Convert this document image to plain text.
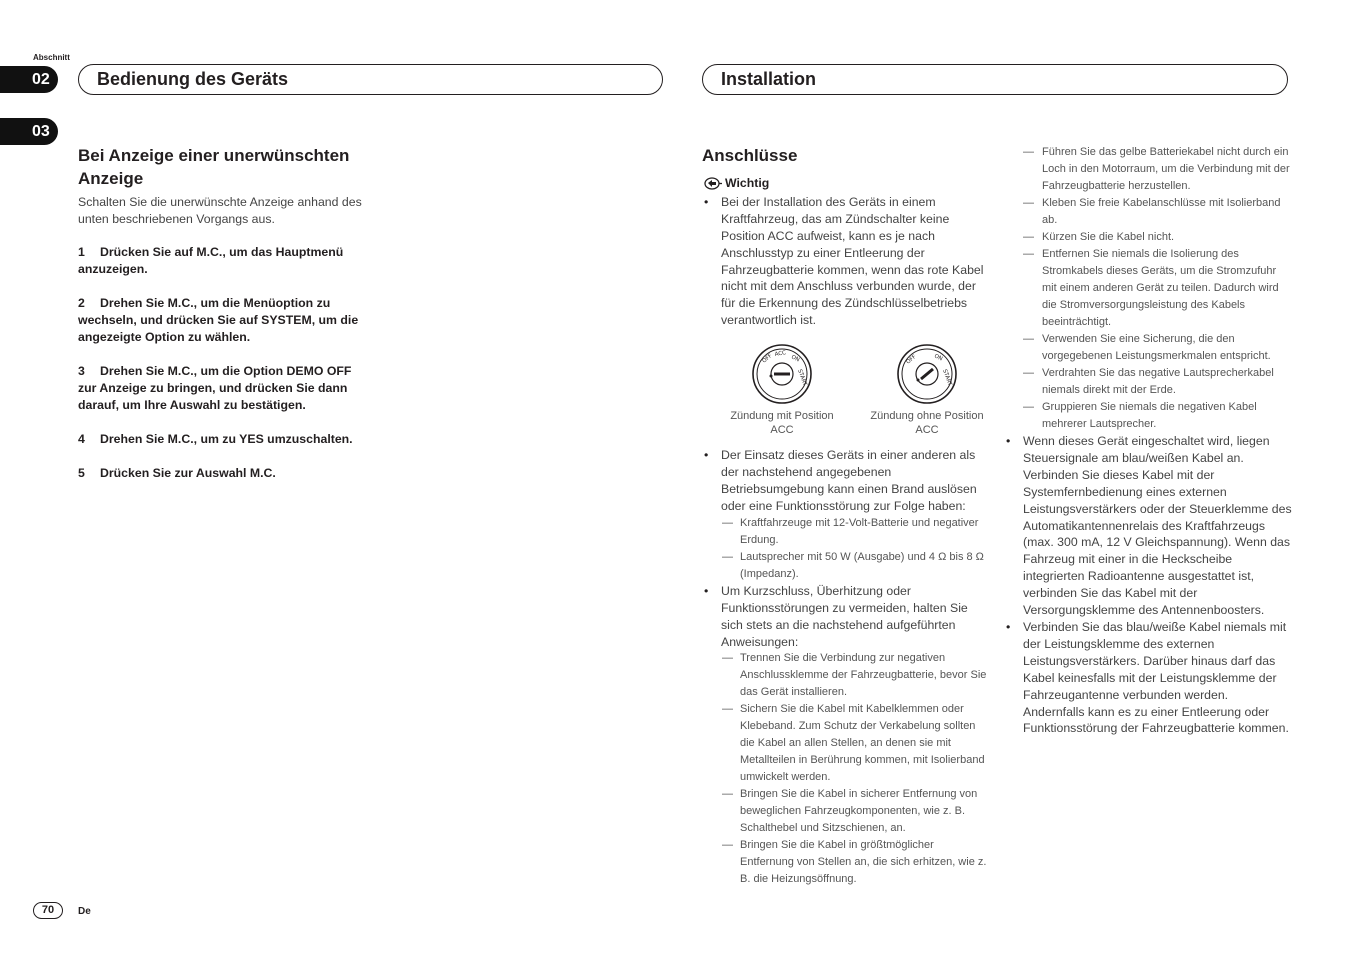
Abschnitt
02
03
Bedienung des Geräts	Installation
Bei Anzeige einer unerwünschten Anzeige

Schalten Sie die unerwünschte Anzeige anhand des unten beschriebenen Vorgangs aus.

1 Drücken Sie auf M.C., um das Hauptmenü anzuzeigen.

2 Drehen Sie M.C., um die Menüoption zu wechseln, und drücken Sie auf SYSTEM, um die angezeigte Option zu wählen.

3 Drehen Sie M.C., um die Option DEMO OFF zur Anzeige zu bringen, und drücken Sie dann darauf, um Ihre Auswahl zu bestätigen.

4 Drehen Sie M.C., um zu YES umzuschalten.

5 Drücken Sie zur Auswahl M.C.

Anschlüsse
Wichtig
• Bei der Installation des Geräts in einem Kraftfahrzeug, das am Zündschalter keine Position ACC aufweist, kann es je nach Anschlusstyp zu einer Entleerung der Fahrzeugbatterie kommen, wenn das rote Kabel nicht mit dem Anschluss verbunden wurde, der für die Erkennung des Zündschlüsselbetriebs verantwortlich ist.
OFF ACC
ON
START
Zündung mit Position ACC
OFF	ON
START
Zündung ohne Position ACC
• Der Einsatz dieses Geräts in einer anderen als der nachstehend angegebenen Betriebsumgebung kann einen Brand auslösen oder eine Funktionsstörung zur Folge haben:
— Kraftfahrzeuge mit 12-Volt-Batterie und negativer Erdung.
— Lautsprecher mit 50 W (Ausgabe) und 4 Ω bis 8 Ω (Impedanz).
• Um Kurzschluss, Überhitzung oder Funktionsstörungen zu vermeiden, halten Sie sich stets an die nachstehend aufgeführten Anweisungen:
— Trennen Sie die Verbindung zur negativen Anschlussklemme der Fahrzeugbatterie, bevor Sie das Gerät installieren.
— Sichern Sie die Kabel mit Kabelklemmen oder Klebeband. Zum Schutz der Verkabelung sollten die Kabel an allen Stellen, an denen sie mit Metallteilen in Berührung kommen, mit Isolierband umwickelt werden.
— Bringen Sie die Kabel in sicherer Entfernung von beweglichen Fahrzeugkomponenten, wie z. B. Schalthebel und Sitzschienen, an.
— Bringen Sie die Kabel in größtmöglicher Entfernung von Stellen an, die sich erhitzen, wie z. B. die Heizungsöffnung.
— Führen Sie das gelbe Batteriekabel nicht durch ein Loch in den Motorraum, um die Verbindung mit der Fahrzeugbatterie herzustellen.
— Kleben Sie freie Kabelanschlüsse mit Isolierband ab.
— Kürzen Sie die Kabel nicht.
— Entfernen Sie niemals die Isolierung des Stromkabels dieses Geräts, um die Stromzufuhr mit einem anderen Gerät zu teilen. Dadurch wird die Stromversorgungsleistung des Kabels beeinträchtigt.
— Verwenden Sie eine Sicherung, die den vorgegebenen Leistungsmerkmalen entspricht.
— Verdrahten Sie das negative Lautsprecherkabel niemals direkt mit der Erde.
— Gruppieren Sie niemals die negativen Kabel mehrerer Lautsprecher.
• Wenn dieses Gerät eingeschaltet wird, liegen Steuersignale am blau/weißen Kabel an. Verbinden Sie dieses Kabel mit der Systemfernbedienung eines externen Leistungsverstärkers oder der Steuerklemme des Automatikantennenrelais des Kraftfahrzeugs (max. 300 mA, 12 V Gleichspannung). Wenn das Fahrzeug mit einer in die Heckscheibe integrierten Radioantenne ausgestattet ist, verbinden Sie das Kabel mit der Versorgungsklemme des Antennenboosters.
• Verbinden Sie das blau/weiße Kabel niemals mit der Leistungsklemme des externen Leistungsverstärkers. Darüber hinaus darf das Kabel keinesfalls mit der Leistungsklemme der Fahrzeugantenne verbunden werden. Andernfalls kann es zu einer Entleerung oder Funktionsstörung der Fahrzeugbatterie kommen.
70	De
